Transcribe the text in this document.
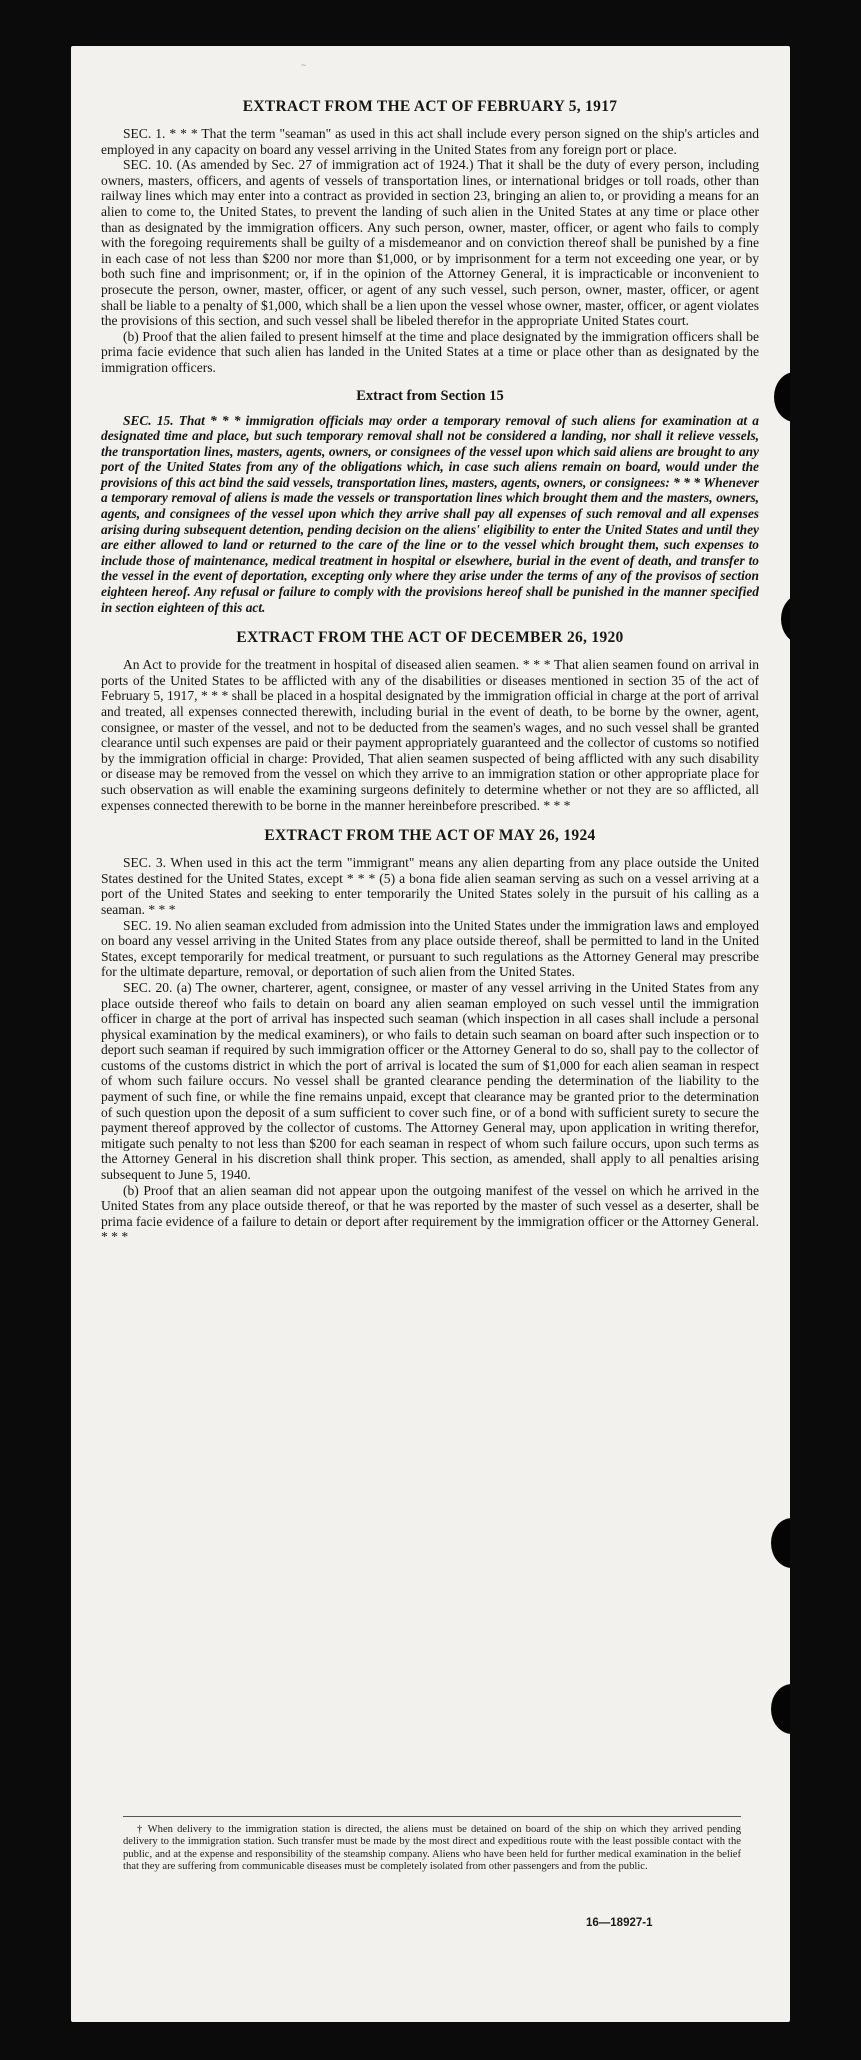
~
EXTRACT FROM THE ACT OF FEBRUARY 5, 1917

SEC. 1. * * * That the term "seaman" as used in this act shall include every person signed on the ship's articles and employed in any capacity on board any vessel arriving in the United States from any foreign port or place.

SEC. 10. (As amended by Sec. 27 of immigration act of 1924.) That it shall be the duty of every person, including owners, masters, officers, and agents of vessels of transportation lines, or international bridges or toll roads, other than railway lines which may enter into a contract as provided in section 23, bringing an alien to, or providing a means for an alien to come to, the United States, to prevent the landing of such alien in the United States at any time or place other than as designated by the immigration officers. Any such person, owner, master, officer, or agent who fails to comply with the foregoing requirements shall be guilty of a misdemeanor and on conviction thereof shall be punished by a fine in each case of not less than $200 nor more than $1,000, or by imprisonment for a term not exceeding one year, or by both such fine and imprisonment; or, if in the opinion of the Attorney General, it is impracticable or inconvenient to prosecute the person, owner, master, officer, or agent of any such vessel, such person, owner, master, officer, or agent shall be liable to a penalty of $1,000, which shall be a lien upon the vessel whose owner, master, officer, or agent violates the provisions of this section, and such vessel shall be libeled therefor in the appropriate United States court.

(b) Proof that the alien failed to present himself at the time and place designated by the immigration officers shall be prima facie evidence that such alien has landed in the United States at a time or place other than as designated by the immigration officers.

Extract from Section 15

SEC. 15. That * * * immigration officials may order a temporary removal of such aliens for examination at a designated time and place, but such temporary removal shall not be considered a landing, nor shall it relieve vessels, the transportation lines, masters, agents, owners, or consignees of the vessel upon which said aliens are brought to any port of the United States from any of the obligations which, in case such aliens remain on board, would under the provisions of this act bind the said vessels, transportation lines, masters, agents, owners, or consignees: * * * Whenever a temporary removal of aliens is made the vessels or transportation lines which brought them and the masters, owners, agents, and consignees of the vessel upon which they arrive shall pay all expenses of such removal and all expenses arising during subsequent detention, pending decision on the aliens' eligibility to enter the United States and until they are either allowed to land or returned to the care of the line or to the vessel which brought them, such expenses to include those of maintenance, medical treatment in hospital or elsewhere, burial in the event of death, and transfer to the vessel in the event of deportation, excepting only where they arise under the terms of any of the provisos of section eighteen hereof. Any refusal or failure to comply with the provisions hereof shall be punished in the manner specified in section eighteen of this act.

EXTRACT FROM THE ACT OF DECEMBER 26, 1920

An Act to provide for the treatment in hospital of diseased alien seamen. * * * That alien seamen found on arrival in ports of the United States to be afflicted with any of the disabilities or diseases mentioned in section 35 of the act of February 5, 1917, * * * shall be placed in a hospital designated by the immigration official in charge at the port of arrival and treated, all expenses connected therewith, including burial in the event of death, to be borne by the owner, agent, consignee, or master of the vessel, and not to be deducted from the seamen's wages, and no such vessel shall be granted clearance until such expenses are paid or their payment appropriately guaranteed and the collector of customs so notified by the immigration official in charge: Provided, That alien seamen suspected of being afflicted with any such disability or disease may be removed from the vessel on which they arrive to an immigration station or other appropriate place for such observation as will enable the examining surgeons definitely to determine whether or not they are so afflicted, all expenses connected therewith to be borne in the manner hereinbefore prescribed. * * *

EXTRACT FROM THE ACT OF MAY 26, 1924

SEC. 3. When used in this act the term "immigrant" means any alien departing from any place outside the United States destined for the United States, except * * * (5) a bona fide alien seaman serving as such on a vessel arriving at a port of the United States and seeking to enter temporarily the United States solely in the pursuit of his calling as a seaman. * * *

SEC. 19. No alien seaman excluded from admission into the United States under the immigration laws and employed on board any vessel arriving in the United States from any place outside thereof, shall be permitted to land in the United States, except temporarily for medical treatment, or pursuant to such regulations as the Attorney General may prescribe for the ultimate departure, removal, or deportation of such alien from the United States.

SEC. 20. (a) The owner, charterer, agent, consignee, or master of any vessel arriving in the United States from any place outside thereof who fails to detain on board any alien seaman employed on such vessel until the immigration officer in charge at the port of arrival has inspected such seaman (which inspection in all cases shall include a personal physical examination by the medical examiners), or who fails to detain such seaman on board after such inspection or to deport such seaman if required by such immigration officer or the Attorney General to do so, shall pay to the collector of customs of the customs district in which the port of arrival is located the sum of $1,000 for each alien seaman in respect of whom such failure occurs. No vessel shall be granted clearance pending the determination of the liability to the payment of such fine, or while the fine remains unpaid, except that clearance may be granted prior to the determination of such question upon the deposit of a sum sufficient to cover such fine, or of a bond with sufficient surety to secure the payment thereof approved by the collector of customs. The Attorney General may, upon application in writing therefor, mitigate such penalty to not less than $200 for each seaman in respect of whom such failure occurs, upon such terms as the Attorney General in his discretion shall think proper. This section, as amended, shall apply to all penalties arising subsequent to June 5, 1940.

(b) Proof that an alien seaman did not appear upon the outgoing manifest of the vessel on which he arrived in the United States from any place outside thereof, or that he was reported by the master of such vessel as a deserter, shall be prima facie evidence of a failure to detain or deport after requirement by the immigration officer or the Attorney General. * * *

† When delivery to the immigration station is directed, the aliens must be detained on board of the ship on which they arrived pending delivery to the immigration station. Such transfer must be made by the most direct and expeditious route with the least possible contact with the public, and at the expense and responsibility of the steamship company. Aliens who have been held for further medical examination in the belief that they are suffering from communicable diseases must be completely isolated from other passengers and from the public.

16—18927-1
